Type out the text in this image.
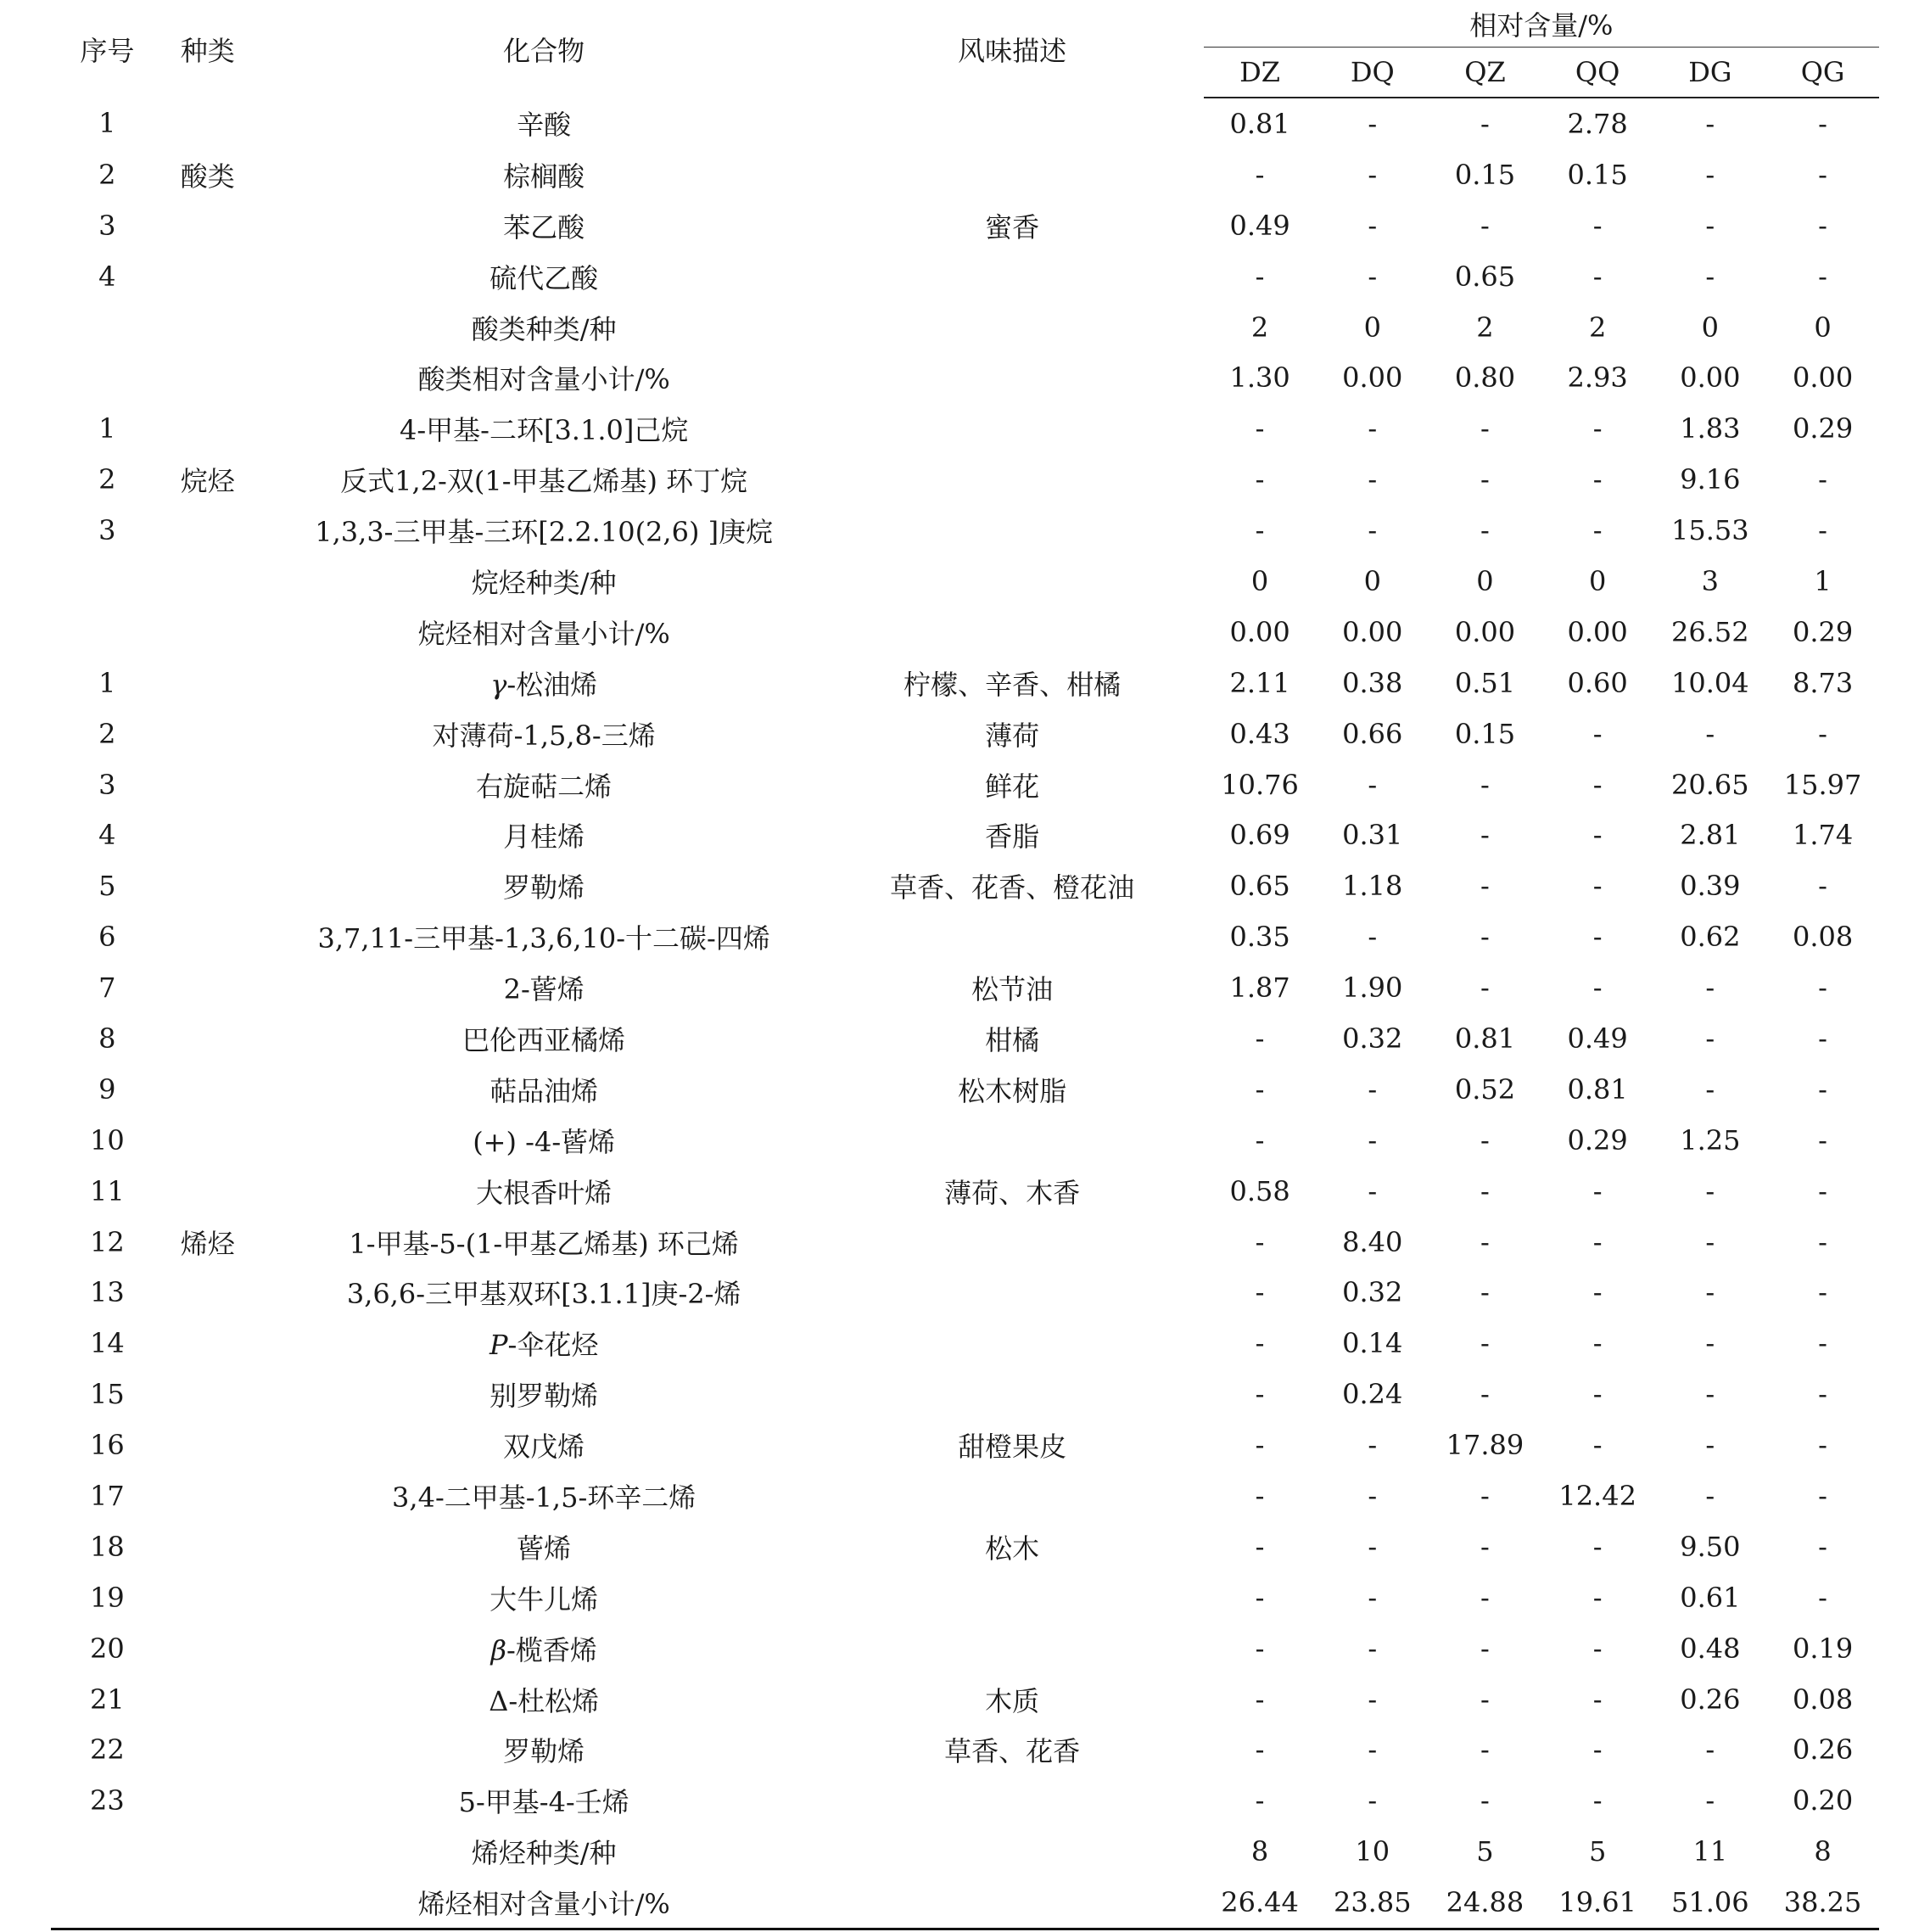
序号	种类	化合物	风味描述	相对含量/%					
				DZ	DQ	QZ	QQ	DG	QG
1		辛酸		0.81	-	-	2.78	-	-
2	酸类	棕榈酸		-	-	0.15	0.15	-	-
3		苯乙酸	蜜香	0.49	-	-	-	-	-
4		硫代乙酸		-	-	0.65	-	-	-
		酸类种类/种		2	0	2	2	0	0
		酸类相对含量小计/%		1.30	0.00	0.80	2.93	0.00	0.00
1		4-甲基-二环[3.1.0]己烷		-	-	-	-	1.83	0.29
2	烷烃	反式1,2-双(1-甲基乙烯基) 环丁烷		-	-	-	-	9.16	-
3		1,3,3-三甲基-三环[2.2.10(2,6) ]庚烷		-	-	-	-	15.53	-
		烷烃种类/种		0	0	0	0	3	1
		烷烃相对含量小计/%		0.00	0.00	0.00	0.00	26.52	0.29
1		γ-松油烯	柠檬、辛香、柑橘	2.11	0.38	0.51	0.60	10.04	8.73
2		对薄荷-1,5,8-三烯	薄荷	0.43	0.66	0.15	-	-	-
3		右旋萜二烯	鲜花	10.76	-	-	-	20.65	15.97
4		月桂烯	香脂	0.69	0.31	-	-	2.81	1.74
5		罗勒烯	草香、花香、橙花油	0.65	1.18	-	-	0.39	-
6		3,7,11-三甲基-1,3,6,10-十二碳-四烯		0.35	-	-	-	0.62	0.08
7		2-蒈烯	松节油	1.87	1.90	-	-	-	-
8		巴伦西亚橘烯	柑橘	-	0.32	0.81	0.49	-	-
9		萜品油烯	松木树脂	-	-	0.52	0.81	-	-
10		(+) -4-蒈烯		-	-	-	0.29	1.25	-
11		大根香叶烯	薄荷、木香	0.58	-	-	-	-	-
12	烯烃	1-甲基-5-(1-甲基乙烯基) 环己烯		-	8.40	-	-	-	-
13		3,6,6-三甲基双环[3.1.1]庚-2-烯		-	0.32	-	-	-	-
14		P-伞花烃		-	0.14	-	-	-	-
15		别罗勒烯		-	0.24	-	-	-	-
16		双戊烯	甜橙果皮	-	-	17.89	-	-	-
17		3,4-二甲基-1,5-环辛二烯		-	-	-	12.42	-	-
18		蒈烯	松木	-	-	-	-	9.50	-
19		大牛儿烯		-	-	-	-	0.61	-
20		β-榄香烯		-	-	-	-	0.48	0.19
21		Δ-杜松烯	木质	-	-	-	-	0.26	0.08
22		罗勒烯	草香、花香	-	-	-	-	-	0.26
23		5-甲基-4-壬烯		-	-	-	-	-	0.20
		烯烃种类/种		8	10	5	5	11	8
		烯烃相对含量小计/%		26.44	23.85	24.88	19.61	51.06	38.25
